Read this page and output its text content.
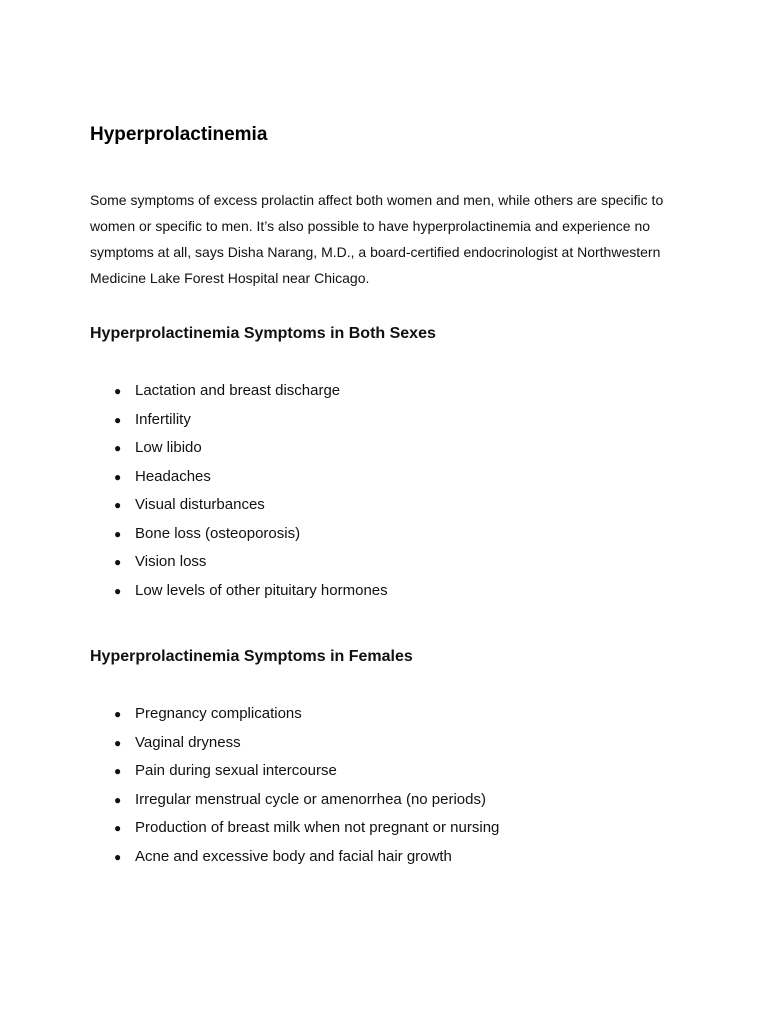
Hyperprolactinemia

Some symptoms of excess prolactin affect both women and men, while others are specific to women or specific to men. It’s also possible to have hyperprolactinemia and experience no symptoms at all, says Disha Narang, M.D., a board-certified endocrinologist at Northwestern Medicine Lake Forest Hospital near Chicago.

Hyperprolactinemia Symptoms in Both Sexes
● Lactation and breast discharge
● Infertility
● Low libido
● Headaches
● Visual disturbances
● Bone loss (osteoporosis)
● Vision loss
● Low levels of other pituitary hormones
Hyperprolactinemia Symptoms in Females
● Pregnancy complications
● Vaginal dryness
● Pain during sexual intercourse
● Irregular menstrual cycle or amenorrhea (no periods)
● Production of breast milk when not pregnant or nursing
● Acne and excessive body and facial hair growth
